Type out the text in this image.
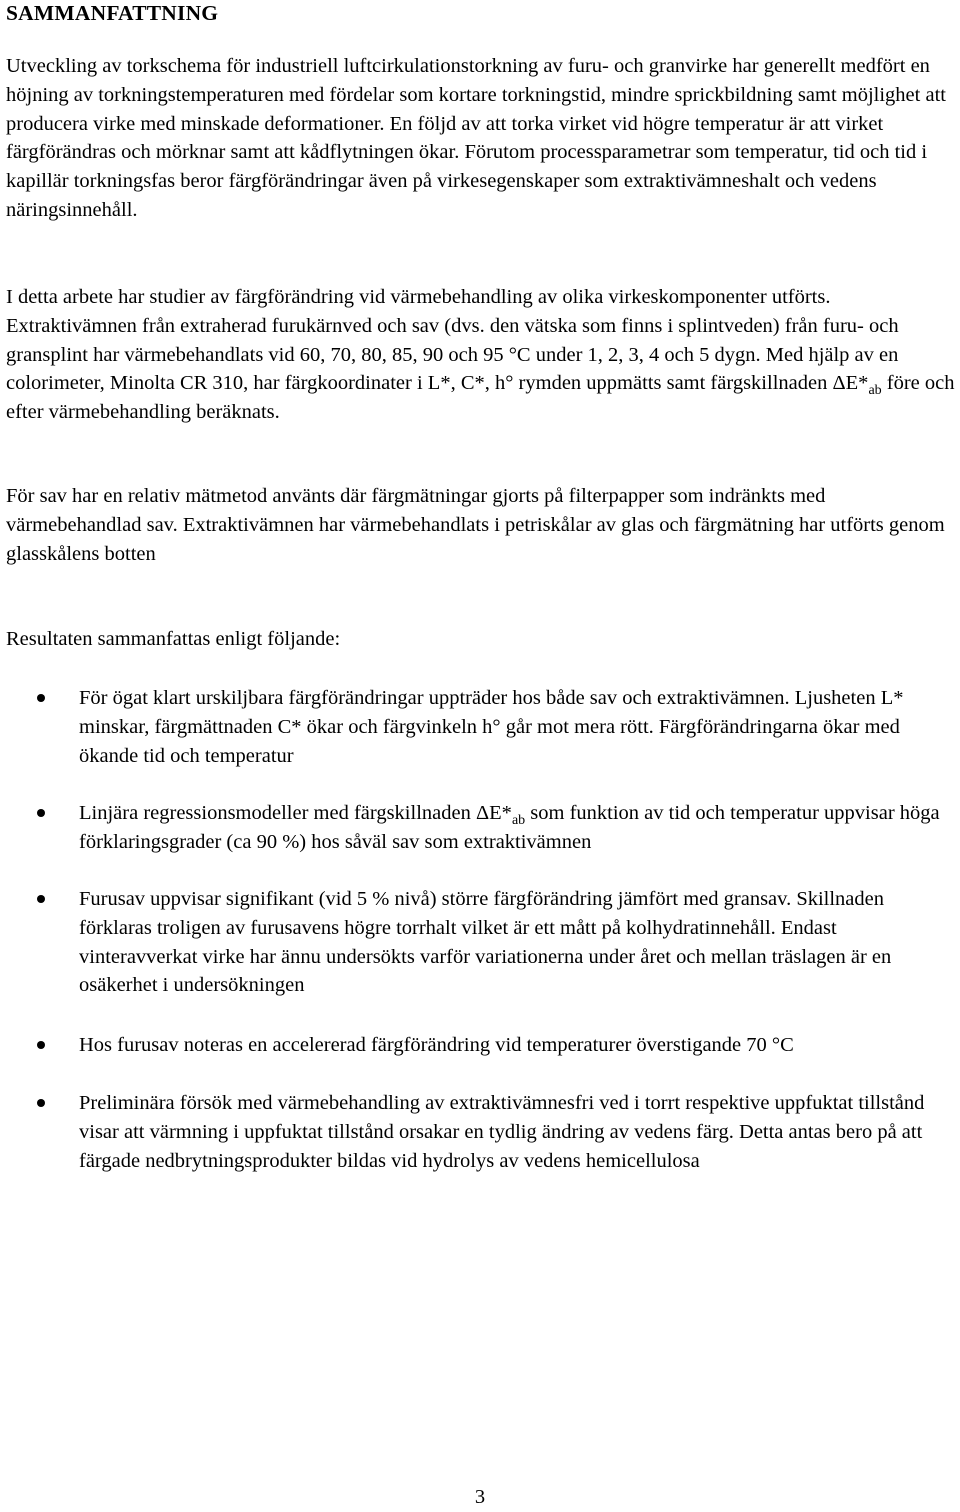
SAMMANFATTNING

Utveckling av torkschema för industriell luftcirkulationstorkning av furu- och granvirke har generellt medfört en höjning av torkningstemperaturen med fördelar som kortare torkningstid, mindre sprickbildning samt möjlighet att producera virke med minskade deformationer. En följd av att torka virket vid högre temperatur är att virket färgförändras och mörknar samt att kådflytningen ökar. Förutom processparametrar som temperatur, tid och tid i kapillär torkningsfas beror färgförändringar även på virkesegenskaper som extraktivämneshalt och vedens näringsinnehåll.

I detta arbete har studier av färgförändring vid värmebehandling av olika virkeskomponenter utförts. Extraktivämnen från extraherad furukärnved och sav (dvs. den vätska som finns i splintveden) från furu- och gransplint har värmebehandlats vid 60, 70, 80, 85, 90 och 95 °C under 1, 2, 3, 4 och 5 dygn. Med hjälp av en colorimeter, Minolta CR 310, har färgkoordinater i L*, C*, h° rymden uppmätts samt färgskillnaden $\Delta E*_{ab}$ före och efter värmebehandling beräknats.

För sav har en relativ mätmetod använts där färgmätningar gjorts på filterpapper som indränkts med värmebehandlad sav. Extraktivämnen har värmebehandlats i petriskålar av glas och färgmätning har utförts genom glasskålens botten

Resultaten sammanfattas enligt följande:

För ögat klart urskiljbara färgförändringar uppträder hos både sav och extraktivämnen. Ljusheten L* minskar, färgmättnaden C* ökar och färgvinkeln h° går mot mera rött. Färgförändringarna ökar med ökande tid och temperatur
Linjära regressionsmodeller med färgskillnaden $\Delta E*_{ab}$ som funktion av tid och temperatur uppvisar höga förklaringsgrader (ca 90 %) hos såväl sav som extraktivämnen
Furusav uppvisar signifikant (vid 5 % nivå) större färgförändring jämfört med gransav. Skillnaden förklaras troligen av furusavens högre torrhalt vilket är ett mått på kolhydratinnehåll. Endast vinteravverkat virke har ännu undersökts varför variationerna under året och mellan träslagen är en osäkerhet i undersökningen
Hos furusav noteras en accelererad färgförändring vid temperaturer överstigande 70 °C
Preliminära försök med värmebehandling av extraktivämnesfri ved i torrt respektive uppfuktat tillstånd visar att värmning i uppfuktat tillstånd orsakar en tydlig ändring av vedens färg. Detta antas bero på att färgade nedbrytningsprodukter bildas vid hydrolys av vedens hemicellulosa

3
